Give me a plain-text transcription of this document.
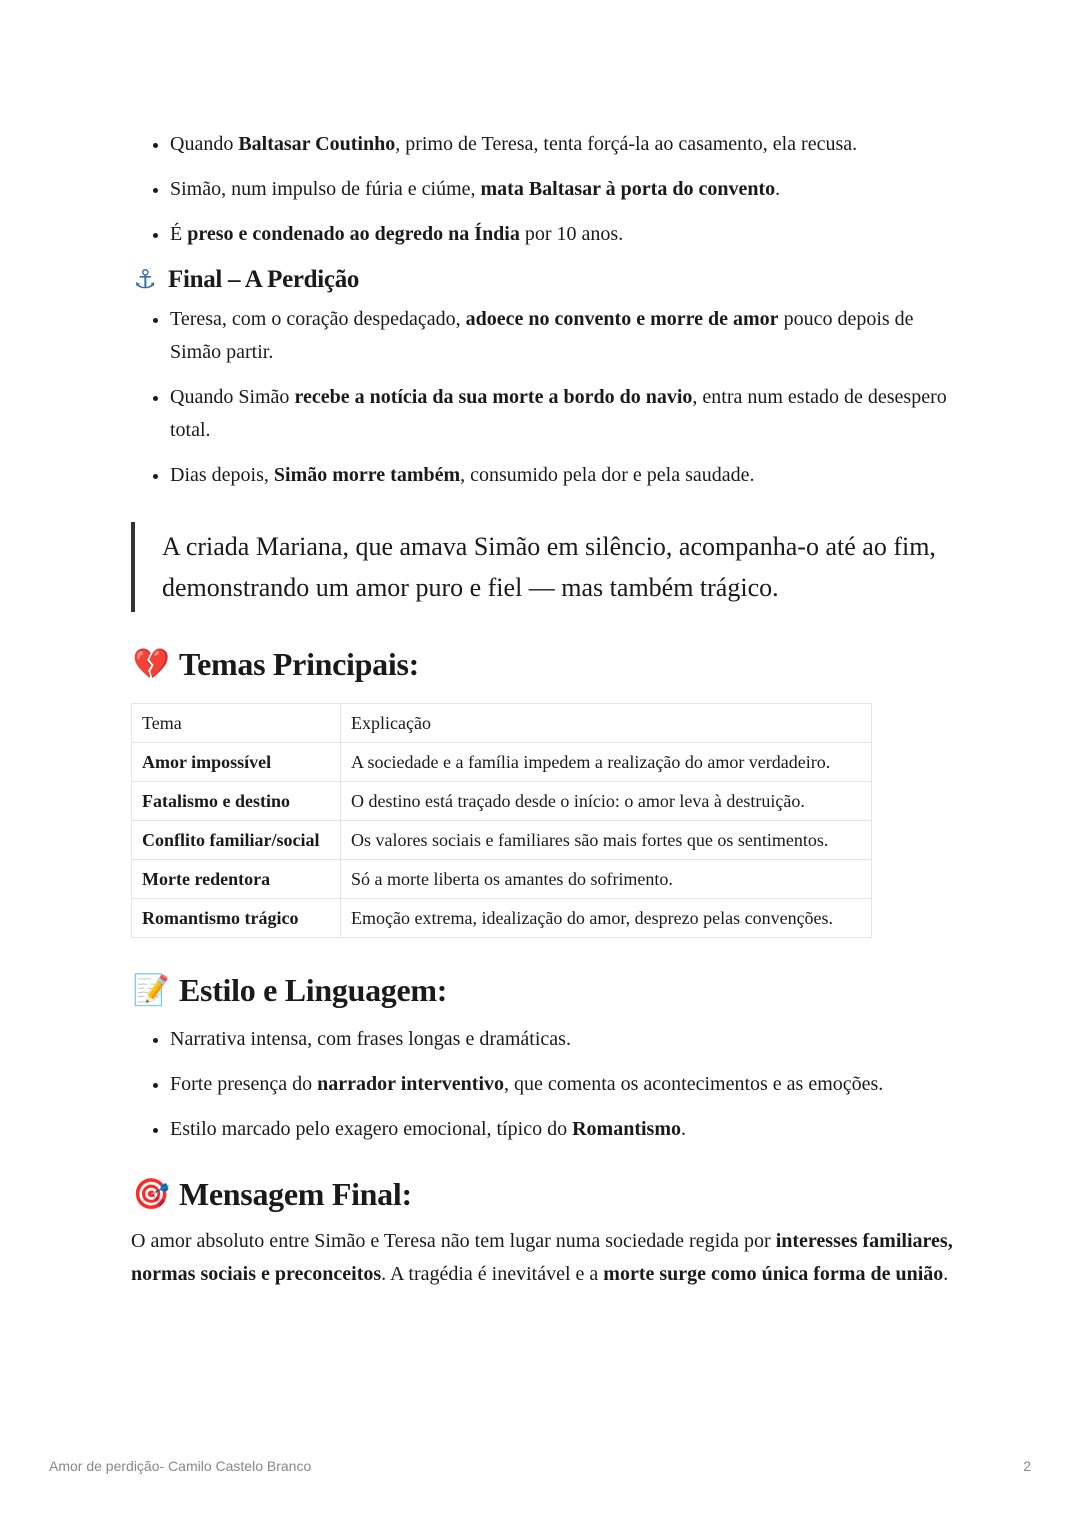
• Quando Baltasar Coutinho, primo de Teresa, tenta forçá-la ao casamento, ela recusa.
• Simão, num impulso de fúria e ciúme, mata Baltasar à porta do convento.
• É preso e condenado ao degredo na Índia por 10 anos.
⚓ Final – A Perdição
• Teresa, com o coração despedaçado, adoece no convento e morre de amor pouco depois de Simão partir.
• Quando Simão recebe a notícia da sua morte a bordo do navio, entra num estado de desespero total.
• Dias depois, Simão morre também, consumido pela dor e pela saudade.
A criada Mariana, que amava Simão em silêncio, acompanha-o até ao fim, demonstrando um amor puro e fiel — mas também trágico.
💔 Temas Principais:
Tema	Explicação
Amor impossível	A sociedade e a família impedem a realização do amor verdadeiro.
Fatalismo e destino	O destino está traçado desde o início: o amor leva à destruição.
Conflito familiar/social	Os valores sociais e familiares são mais fortes que os sentimentos.
Morte redentora	Só a morte liberta os amantes do sofrimento.
Romantismo trágico	Emoção extrema, idealização do amor, desprezo pelas convenções.
📝 Estilo e Linguagem:
• Narrativa intensa, com frases longas e dramáticas.
• Forte presença do narrador interventivo, que comenta os acontecimentos e as emoções.
• Estilo marcado pelo exagero emocional, típico do Romantismo.
🎯 Mensagem Final:

O amor absoluto entre Simão e Teresa não tem lugar numa sociedade regida por interesses familiares, normas sociais e preconceitos. A tragédia é inevitável e a morte surge como única forma de união.

Amor de perdição- Camilo Castelo Branco	2
